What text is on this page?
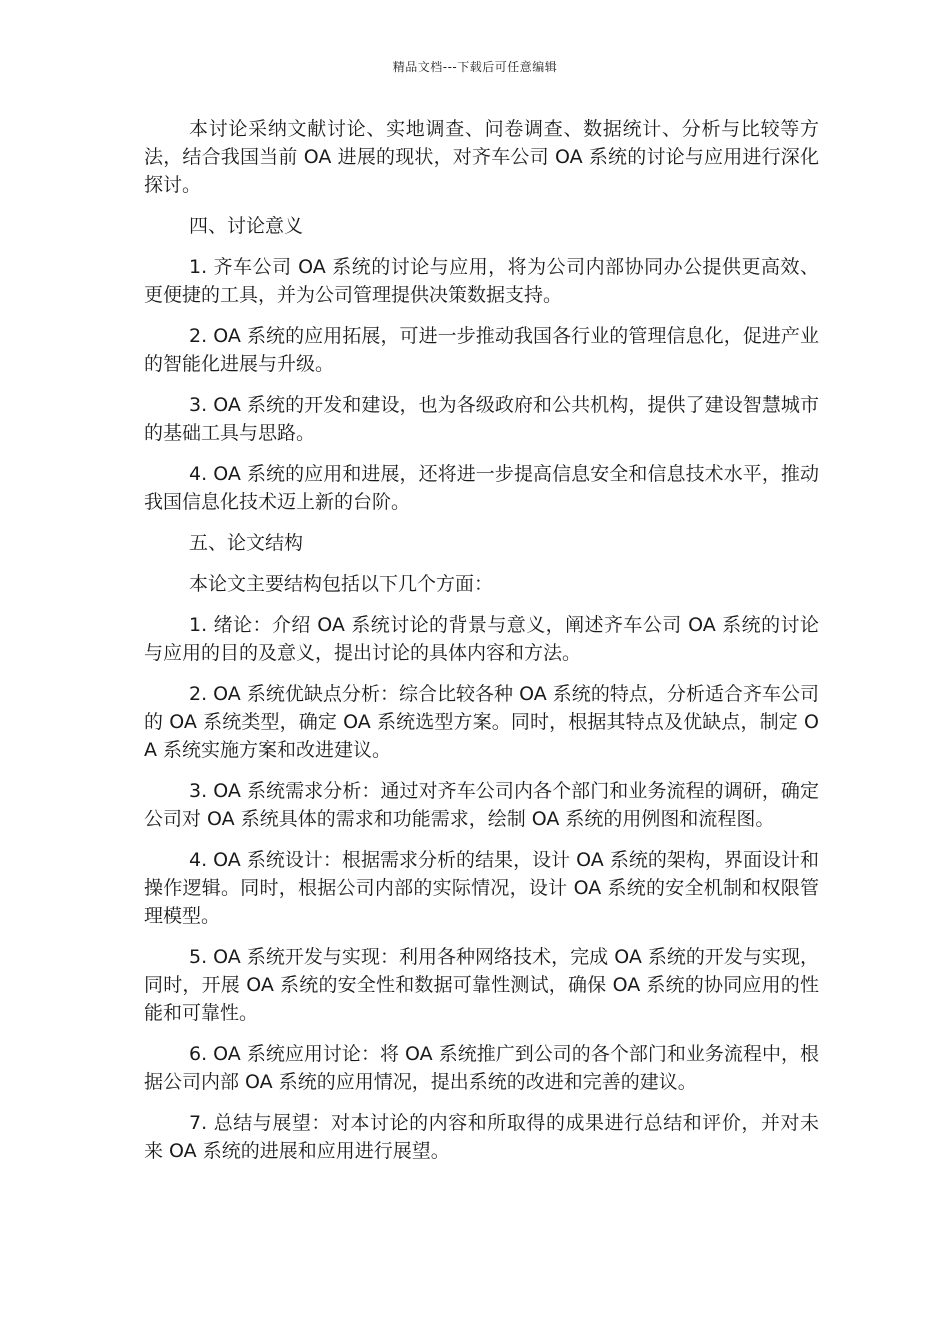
精品文档---下载后可任意编辑

本讨论采纳文献讨论、实地调查、问卷调查、数据统计、分析与比较等方法，结合我国当前 OA 进展的现状，对齐车公司 OA 系统的讨论与应用进行深化探讨。

四、讨论意义

1. 齐车公司 OA 系统的讨论与应用，将为公司内部协同办公提供更高效、更便捷的工具，并为公司管理提供决策数据支持。

2. OA 系统的应用拓展，可进一步推动我国各行业的管理信息化，促进产业的智能化进展与升级。

3. OA 系统的开发和建设，也为各级政府和公共机构，提供了建设智慧城市的基础工具与思路。

4. OA 系统的应用和进展，还将进一步提高信息安全和信息技术水平，推动我国信息化技术迈上新的台阶。

五、论文结构

本论文主要结构包括以下几个方面：

1. 绪论：介绍 OA 系统讨论的背景与意义，阐述齐车公司 OA 系统的讨论与应用的目的及意义，提出讨论的具体内容和方法。

2. OA 系统优缺点分析：综合比较各种 OA 系统的特点，分析适合齐车公司的 OA 系统类型，确定 OA 系统选型方案。同时，根据其特点及优缺点，制定 OA 系统实施方案和改进建议。

3. OA 系统需求分析：通过对齐车公司内各个部门和业务流程的调研，确定公司对 OA 系统具体的需求和功能需求，绘制 OA 系统的用例图和流程图。

4. OA 系统设计：根据需求分析的结果，设计 OA 系统的架构，界面设计和操作逻辑。同时，根据公司内部的实际情况，设计 OA 系统的安全机制和权限管理模型。

5. OA 系统开发与实现：利用各种网络技术，完成 OA 系统的开发与实现，同时，开展 OA 系统的安全性和数据可靠性测试，确保 OA 系统的协同应用的性能和可靠性。

6. OA 系统应用讨论：将 OA 系统推广到公司的各个部门和业务流程中，根据公司内部 OA 系统的应用情况，提出系统的改进和完善的建议。

7. 总结与展望：对本讨论的内容和所取得的成果进行总结和评价，并对未来 OA 系统的进展和应用进行展望。
